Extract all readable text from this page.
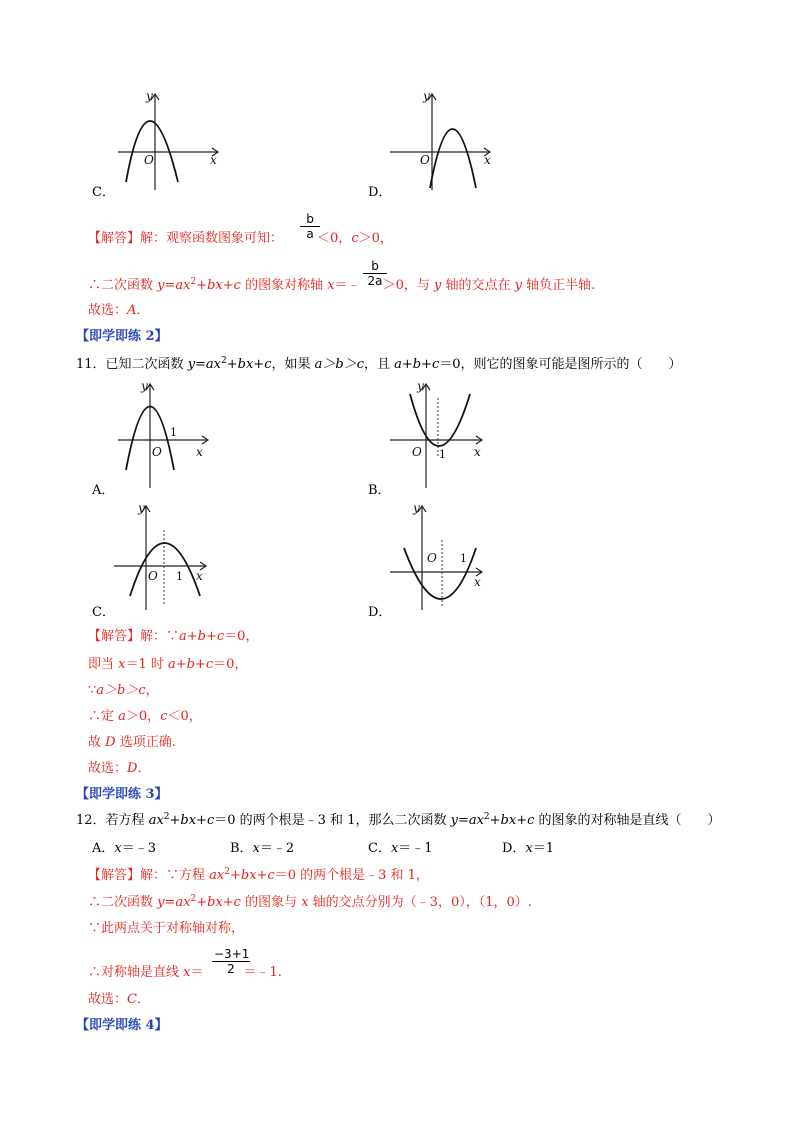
y
x
O
C．
y
x
O
D．
【解答】解：观察函数图象可知：	＜0，c＞0，
$\frac{b}{a}$
∴二次函数 $y=ax^2+bx+c$ 的图象对称轴 x＝﹣ ＞0，与 y 轴的交点在 y 轴负正半轴.
$\frac{b}{2a}$
故选：A．
【即学即练 2】
11．已知二次函数 $y=ax^2+bx+c$，如果 a＞b＞c，且 a+b+c＝0，则它的图象可能是图所示的（　　）
y
x
O
1
A．
y
x
O 1
B．
y
x
O 1
C．
y
x
O 1
D．
【解答】解：∵a+b+c＝0，
即当 x＝1 时 a+b+c＝0，
∵a＞b＞c，
∴定 a＞0，c＜0，
故 D 选项正确.
故选：D．
【即学即练 3】
12．若方程 $ax^2+bx+c=0$ 的两个根是﹣3 和 1，那么二次函数 $y=ax^2+bx+c$ 的图象的对称轴是直线（　　）
A．x＝﹣3	B．x＝﹣2	C．x＝﹣1	D．x＝1
【解答】解：∵方程 $ax^2+bx+c=0$ 的两个根是﹣3 和 1，
∴二次函数 $y=ax^2+bx+c$ 的图象与 x 轴的交点分别为（﹣3，0），（1，0）.
∵此两点关于对称轴对称，
$\frac{-3+1}{2}$
∴对称轴是直线 x＝	＝﹣1.
故选：C．
【即学即练 4】
